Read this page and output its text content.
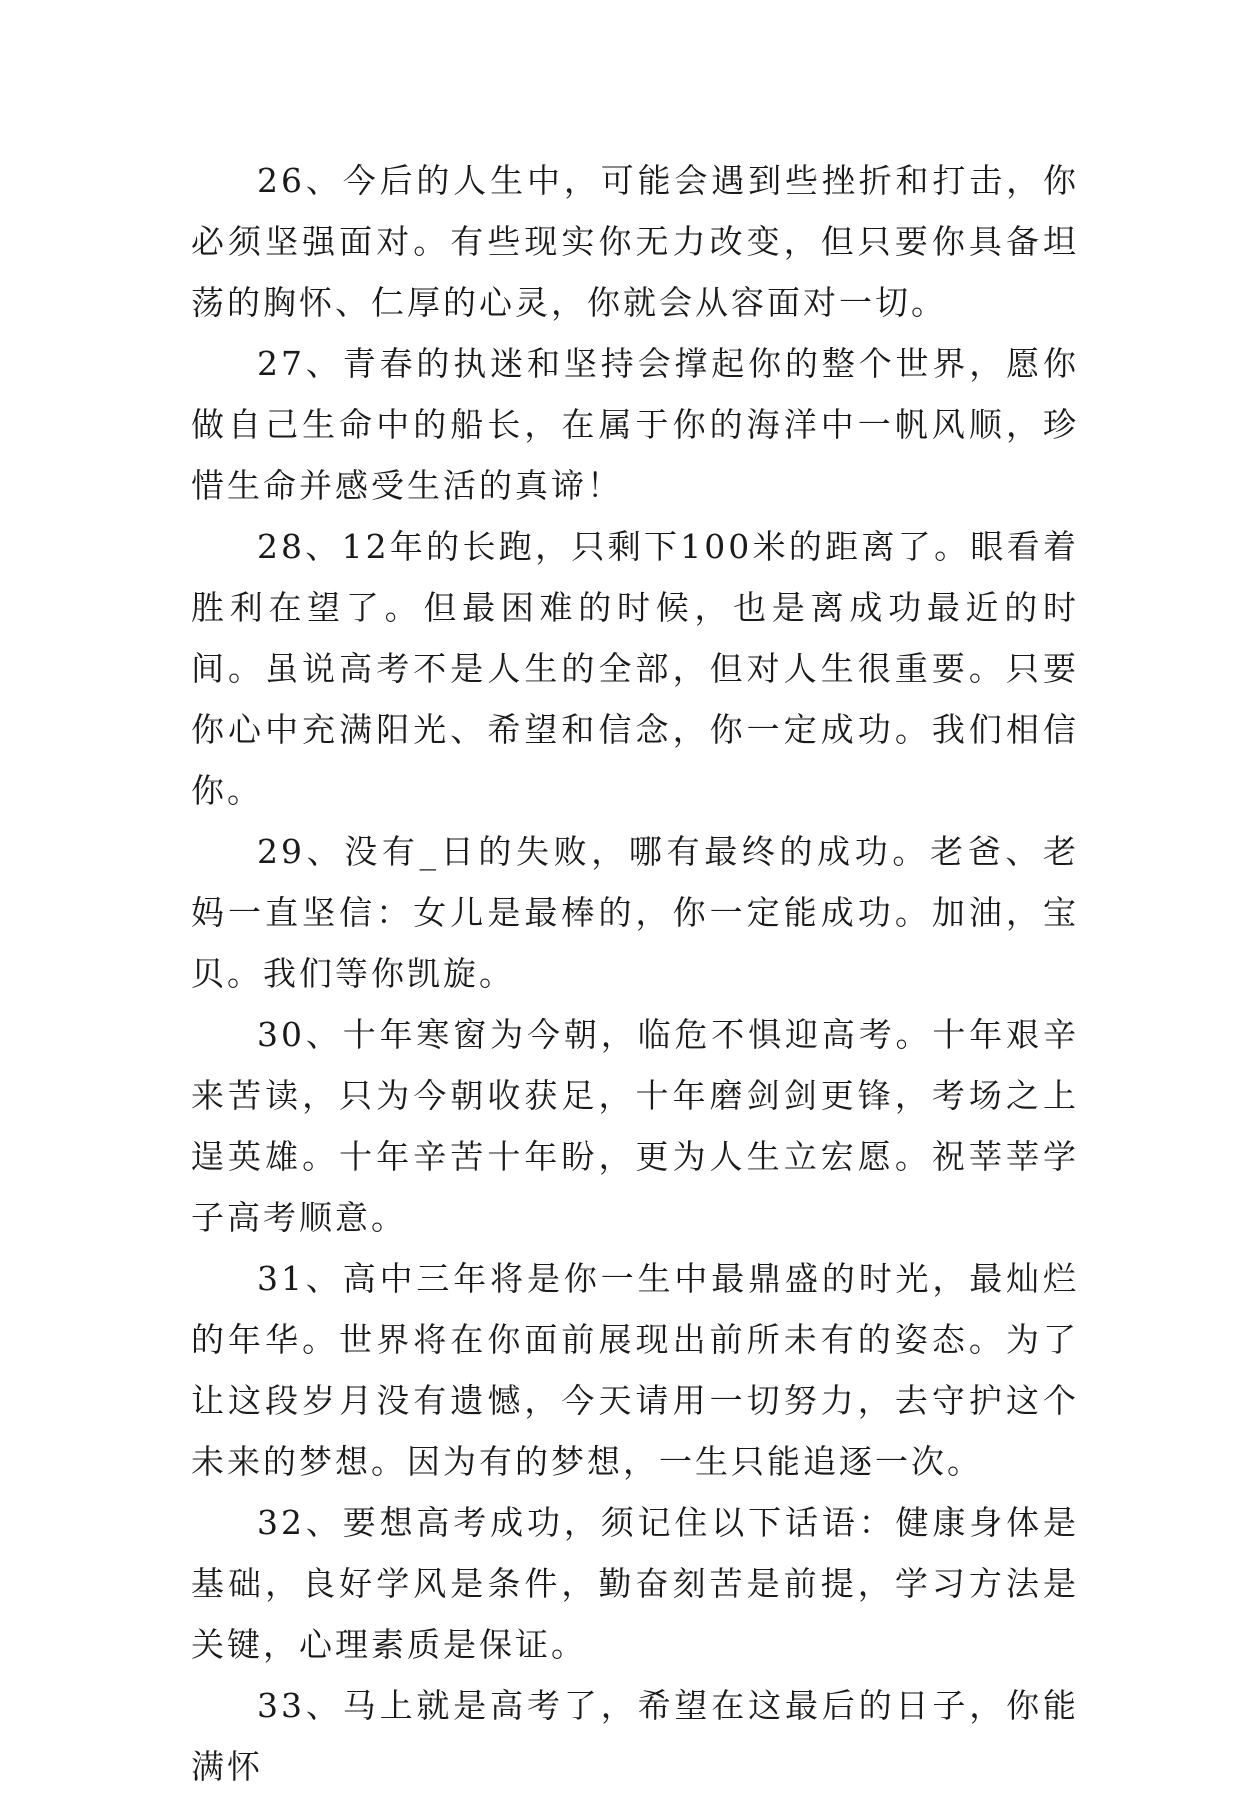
26、今后的人生中，可能会遇到些挫折和打击，你必须坚强面对。有些现实你无力改变，但只要你具备坦荡的胸怀、仁厚的心灵，你就会从容面对一切。

27、青春的执迷和坚持会撑起你的整个世界，愿你做自己生命中的船长，在属于你的海洋中一帆风顺，珍惜生命并感受生活的真谛！

28、12年的长跑，只剩下100米的距离了。眼看着胜利在望了。但最困难的时候，也是离成功最近的时间。虽说高考不是人生的全部，但对人生很重要。只要你心中充满阳光、希望和信念，你一定成功。我们相信你。

29、没有_日的失败，哪有最终的成功。老爸、老妈一直坚信：女儿是最棒的，你一定能成功。加油，宝贝。我们等你凯旋。

30、十年寒窗为今朝，临危不惧迎高考。十年艰辛来苦读，只为今朝收获足，十年磨剑剑更锋，考场之上逞英雄。十年辛苦十年盼，更为人生立宏愿。祝莘莘学子高考顺意。

31、高中三年将是你一生中最鼎盛的时光，最灿烂的年华。世界将在你面前展现出前所未有的姿态。为了让这段岁月没有遗憾，今天请用一切努力，去守护这个未来的梦想。因为有的梦想，一生只能追逐一次。

32、要想高考成功，须记住以下话语：健康身体是基础，良好学风是条件，勤奋刻苦是前提，学习方法是关键，心理素质是保证。

33、马上就是高考了，希望在这最后的日子，你能满怀
